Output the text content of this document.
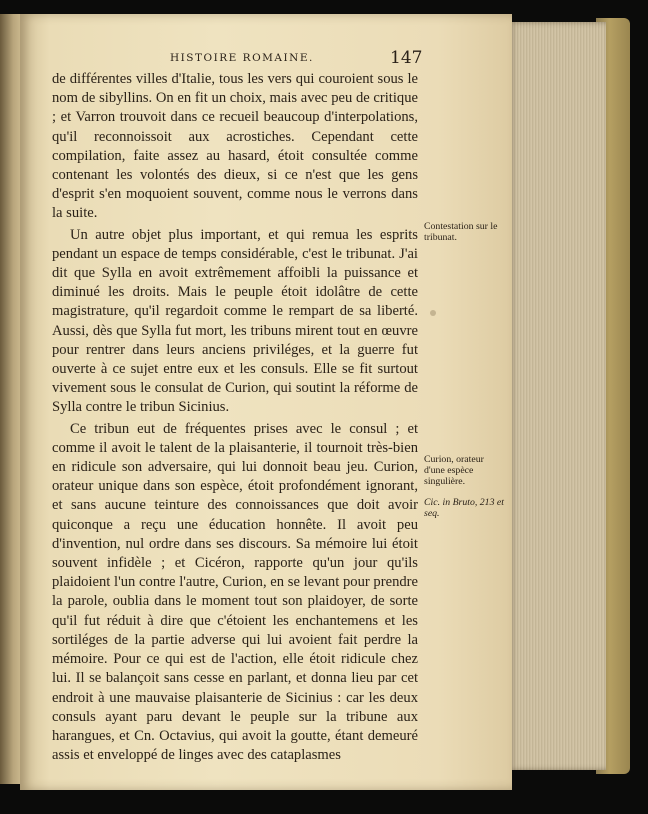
HISTOIRE ROMAINE.	147

de différentes villes d'Italie, tous les vers qui couroient sous le nom de sibyllins. On en fit un choix, mais avec peu de critique ; et Varron trouvoit dans ce recueil beaucoup d'interpolations, qu'il reconnoissoit aux acrostiches. Cependant cette compilation, faite assez au hasard, étoit consultée comme contenant les volontés des dieux, si ce n'est que les gens d'esprit s'en moquoient souvent, comme nous le verrons dans la suite.

Un autre objet plus important, et qui remua les esprits pendant un espace de temps considérable, c'est le tribunat. J'ai dit que Sylla en avoit extrêmement affoibli la puissance et diminué les droits. Mais le peuple étoit idolâtre de cette magistrature, qu'il regardoit comme le rempart de sa liberté. Aussi, dès que Sylla fut mort, les tribuns mirent tout en œuvre pour rentrer dans leurs anciens priviléges, et la guerre fut ouverte à ce sujet entre eux et les consuls. Elle se fit surtout vivement sous le consulat de Curion, qui soutint la réforme de Sylla contre le tribun Sicinius.

Ce tribun eut de fréquentes prises avec le consul ; et comme il avoit le talent de la plaisanterie, il tournoit très-bien en ridicule son adversaire, qui lui donnoit beau jeu. Curion, orateur unique dans son espèce, étoit profondément ignorant, et sans aucune teinture des connoissances que doit avoir quiconque a reçu une éducation honnête. Il avoit peu d'invention, nul ordre dans ses discours. Sa mémoire lui étoit souvent infidèle ; et Cicéron, rapporte qu'un jour qu'ils plaidoient l'un contre l'autre, Curion, en se levant pour prendre la parole, oublia dans le moment tout son plaidoyer, de sorte qu'il fut réduit à dire que c'étoient les enchantemens et les sortiléges de la partie adverse qui lui avoient fait perdre la mémoire. Pour ce qui est de l'action, elle étoit ridicule chez lui. Il se balançoit sans cesse en parlant, et donna lieu par cet endroit à une mauvaise plaisanterie de Sicinius : car les deux consuls ayant paru devant le peuple sur la tribune aux harangues, et Cn. Octavius, qui avoit la goutte, étant demeuré assis et enveloppé de linges avec des cataplasmes

Contestation sur le tribunat.
Curion, orateur d'une espèce singulière.
Cic. in Bruto, 213 et seq.
